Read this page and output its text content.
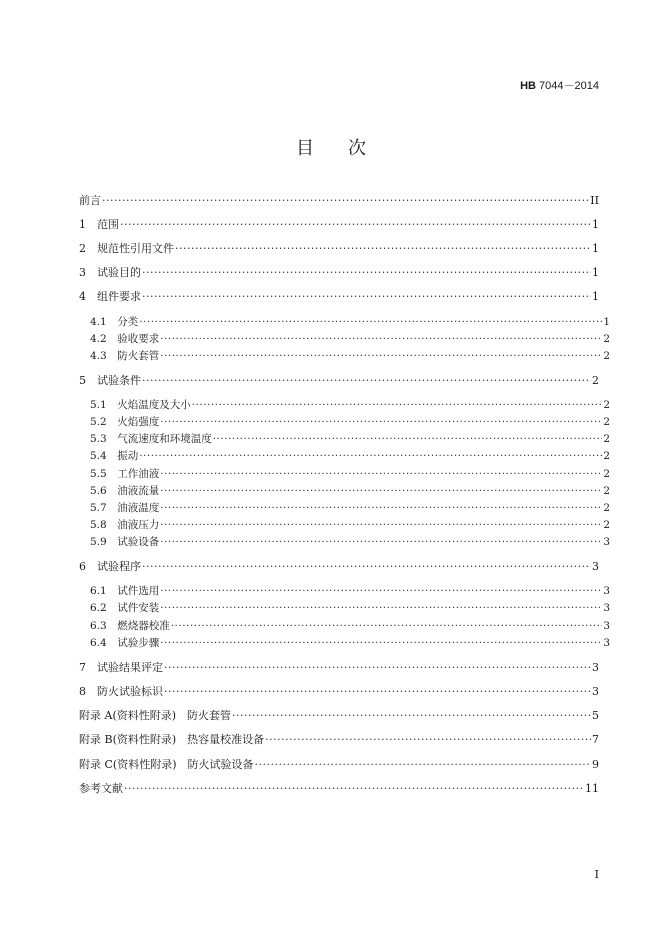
HB 7044－2014
目次
前言 ·····	II
1　范围 ·····	1
2　规范性引用文件 ·····	1
3　试验目的 ·····	1
4　组件要求 ·····	1
4.1　分类 ·····	1
4.2　验收要求 ·····	2
4.3　防火套管 ·····	2
5　试验条件 ·····	2
5.1　火焰温度及大小 ·····	2
5.2　火焰强度 ·····	2
5.3　气流速度和环境温度 ·····	2
5.4　振动 ·····	2
5.5　工作油液 ·····	2
5.6　油液流量 ·····	2
5.7　油液温度 ·····	2
5.8　油液压力 ·····	2
5.9　试验设备 ·····	3
6　试验程序 ·····	3
6.1　试件选用 ·····	3
6.2　试件安装 ·····	3
6.3　燃烧器校准 ·····	3
6.4　试验步骤 ·····	3
7　试验结果评定 ·····	3
8　防火试验标识 ·····	3
附录 A(资料性附录)　防火套管 ·····	5
附录 B(资料性附录)　热容量校准设备 ·····	7
附录 C(资料性附录)　防火试验设备 ·····	9
参考文献 ·····	11
I
